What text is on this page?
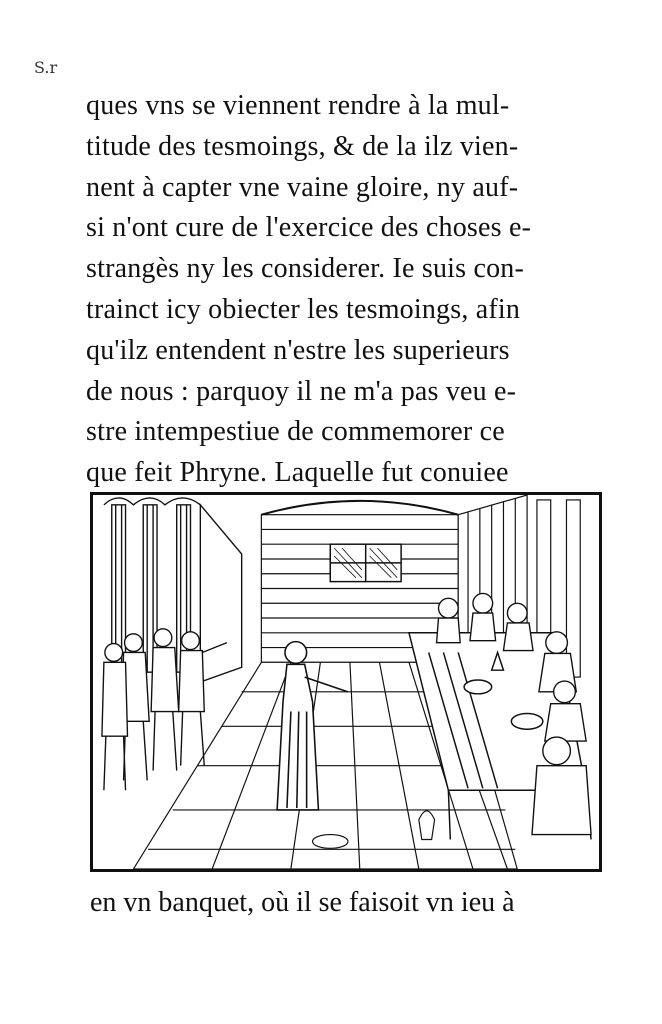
S.r
ques vns se viennent rendre à la mul-
titude des tesmoings, & de la ilz vien-
nent à capter vne vaine gloire, ny auf-
si n'ont cure de l'exercice des choses e-
strangès ny les considerer. Ie suis con-
trainct icy obiecter les tesmoings, afin
qu'ilz entendent n'estre les superieurs
de nous : parquoy il ne m'a pas veu e-
stre intempestiue de commemorer ce
que feit Phryne. Laquelle fut conuiee
en vn banquet, où il se faisoit vn ieu à
